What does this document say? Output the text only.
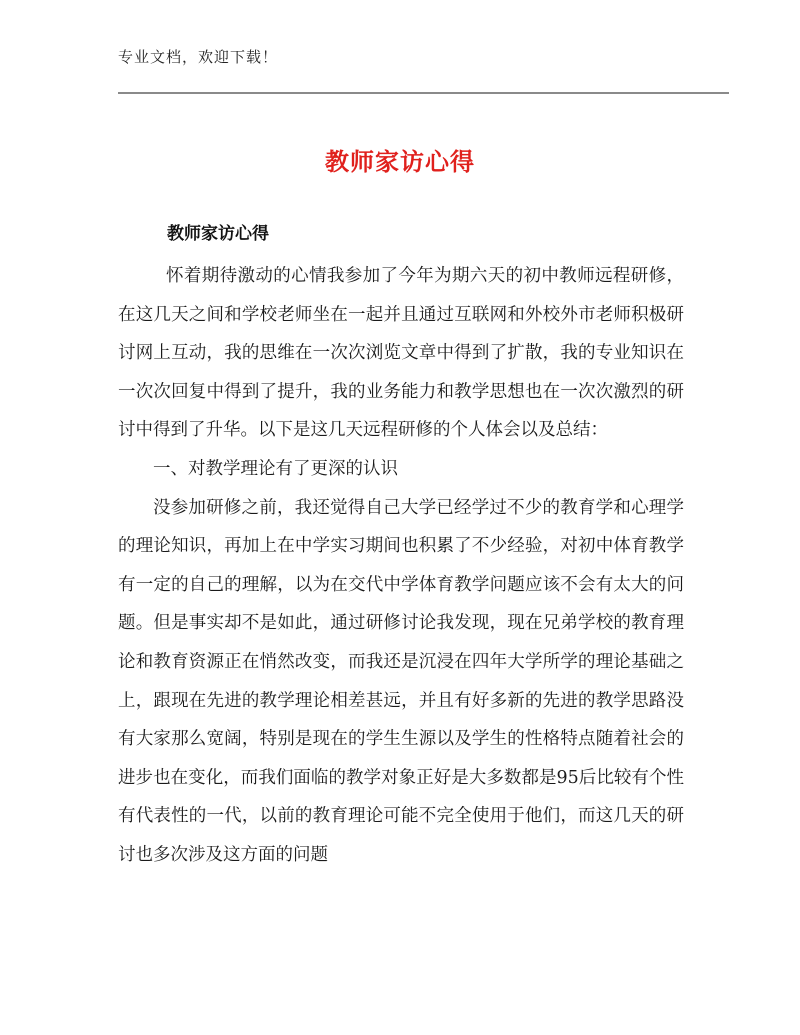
专业文档，欢迎下载！
教师家访心得
教师家访心得

怀着期待激动的心情我参加了今年为期六天的初中教师远程研修，在这几天之间和学校老师坐在一起并且通过互联网和外校外市老师积极研讨网上互动，我的思维在一次次浏览文章中得到了扩散，我的专业知识在一次次回复中得到了提升，我的业务能力和教学思想也在一次次激烈的研讨中得到了升华。以下是这几天远程研修的个人体会以及总结：

一、对教学理论有了更深的认识

没参加研修之前，我还觉得自己大学已经学过不少的教育学和心理学的理论知识，再加上在中学实习期间也积累了不少经验，对初中体育教学有一定的自己的理解，以为在交代中学体育教学问题应该不会有太大的问题。但是事实却不是如此，通过研修讨论我发现，现在兄弟学校的教育理论和教育资源正在悄然改变，而我还是沉浸在四年大学所学的理论基础之上，跟现在先进的教学理论相差甚远，并且有好多新的先进的教学思路没有大家那么宽阔，特别是现在的学生生源以及学生的性格特点随着社会的进步也在变化，而我们面临的教学对象正好是大多数都是95后比较有个性有代表性的一代，以前的教育理论可能不完全使用于他们，而这几天的研讨也多次涉及这方面的问题
